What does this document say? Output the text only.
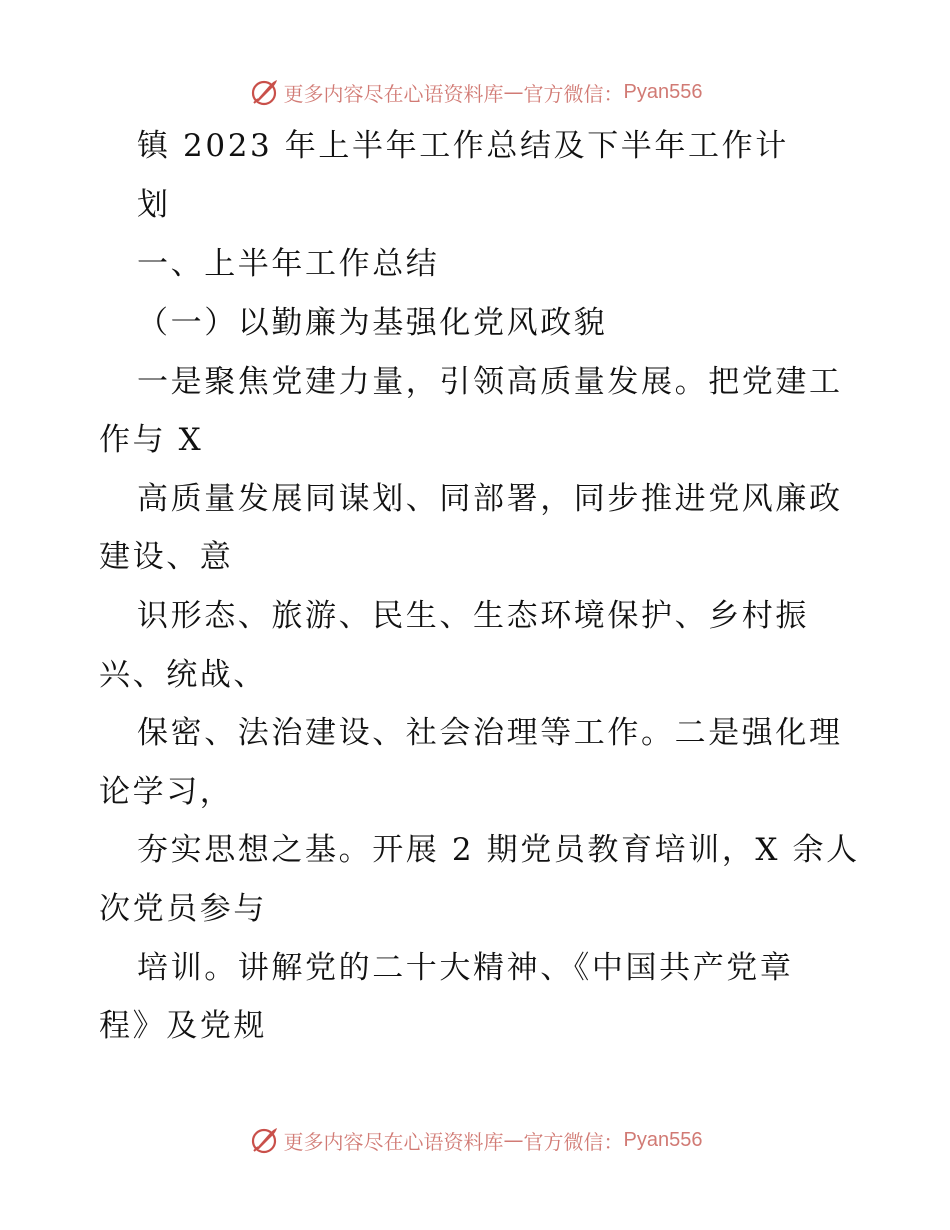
更多内容尽在心语资料库 — 官方微信： Pyan556
镇 2023 年上半年工作总结及下半年工作计
划
一、上半年工作总结
（一）以勤廉为基强化党风政貌
一是聚焦党建力量，引领高质量发展。把党建工
作与 X
高质量发展同谋划、同部署，同步推进党风廉政
建设、意
识形态、旅游、民生、生态环境保护、乡村振
兴、统战、
保密、法治建设、社会治理等工作。二是强化理
论学习，
夯实思想之基。开展 2 期党员教育培训，X 余人
次党员参与
培训。讲解党的二十大精神、《中国共产党章
程》及党规
更多内容尽在心语资料库 — 官方微信： Pyan556
